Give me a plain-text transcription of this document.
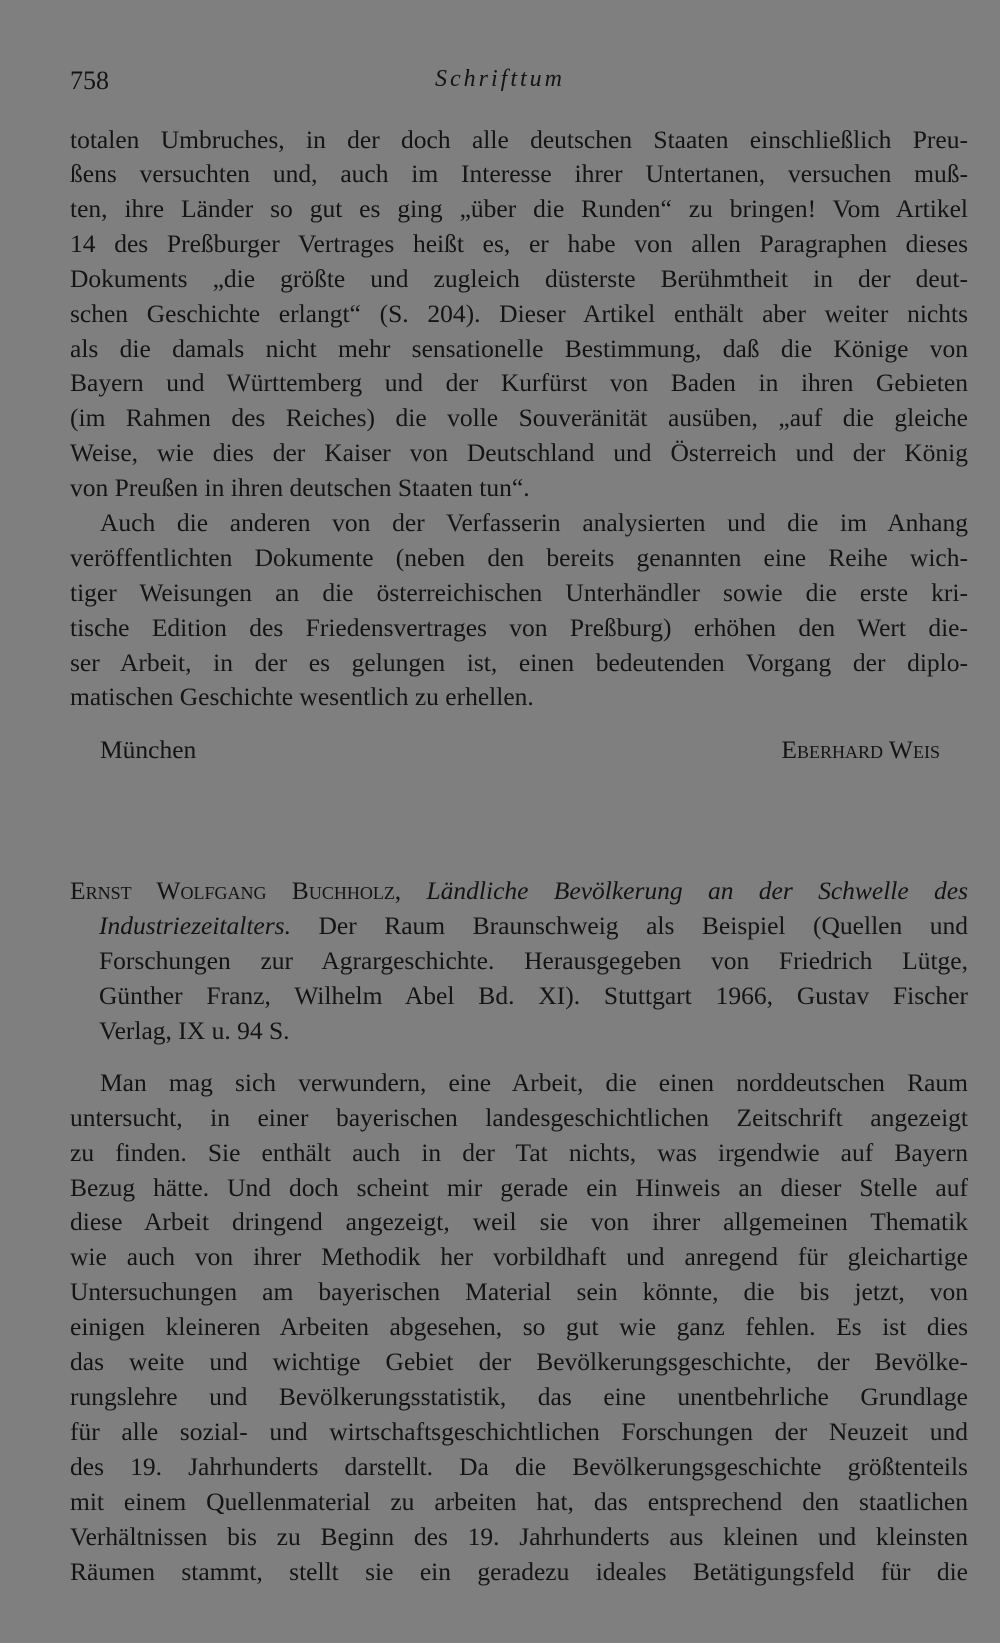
758	Schrifttum
totalen Umbruches, in der doch alle deutschen Staaten einschließlich Preu-
ßens versuchten und, auch im Interesse ihrer Untertanen, versuchen muß-
ten, ihre Länder so gut es ging „über die Runden“ zu bringen! Vom Artikel
14 des Preßburger Vertrages heißt es, er habe von allen Paragraphen dieses
Dokuments „die größte und zugleich düsterste Berühmtheit in der deut-
schen Geschichte erlangt“ (S. 204). Dieser Artikel enthält aber weiter nichts
als die damals nicht mehr sensationelle Bestimmung, daß die Könige von
Bayern und Württemberg und der Kurfürst von Baden in ihren Gebieten
(im Rahmen des Reiches) die volle Souveränität ausüben, „auf die gleiche
Weise, wie dies der Kaiser von Deutschland und Österreich und der König
von Preußen in ihren deutschen Staaten tun“.
Auch die anderen von der Verfasserin analysierten und die im Anhang
veröffentlichten Dokumente (neben den bereits genannten eine Reihe wich-
tiger Weisungen an die österreichischen Unterhändler sowie die erste kri-
tische Edition des Friedensvertrages von Preßburg) erhöhen den Wert die-
ser Arbeit, in der es gelungen ist, einen bedeutenden Vorgang der diplo-
matischen Geschichte wesentlich zu erhellen.
München	Eberhard Weis
Ernst Wolfgang Buchholz, Ländliche Bevölkerung an der Schwelle des
Industriezeitalters. Der Raum Braunschweig als Beispiel (Quellen und
Forschungen zur Agrargeschichte. Herausgegeben von Friedrich Lütge,
Günther Franz, Wilhelm Abel Bd. XI). Stuttgart 1966, Gustav Fischer
Verlag, IX u. 94 S.
Man mag sich verwundern, eine Arbeit, die einen norddeutschen Raum
untersucht, in einer bayerischen landesgeschichtlichen Zeitschrift angezeigt
zu finden. Sie enthält auch in der Tat nichts, was irgendwie auf Bayern
Bezug hätte. Und doch scheint mir gerade ein Hinweis an dieser Stelle auf
diese Arbeit dringend angezeigt, weil sie von ihrer allgemeinen Thematik
wie auch von ihrer Methodik her vorbildhaft und anregend für gleichartige
Untersuchungen am bayerischen Material sein könnte, die bis jetzt, von
einigen kleineren Arbeiten abgesehen, so gut wie ganz fehlen. Es ist dies
das weite und wichtige Gebiet der Bevölkerungsgeschichte, der Bevölke-
rungslehre und Bevölkerungsstatistik, das eine unentbehrliche Grundlage
für alle sozial- und wirtschaftsgeschichtlichen Forschungen der Neuzeit und
des 19. Jahrhunderts darstellt. Da die Bevölkerungsgeschichte größtenteils
mit einem Quellenmaterial zu arbeiten hat, das entsprechend den staatlichen
Verhältnissen bis zu Beginn des 19. Jahrhunderts aus kleinen und kleinsten
Räumen stammt, stellt sie ein geradezu ideales Betätigungsfeld für die
